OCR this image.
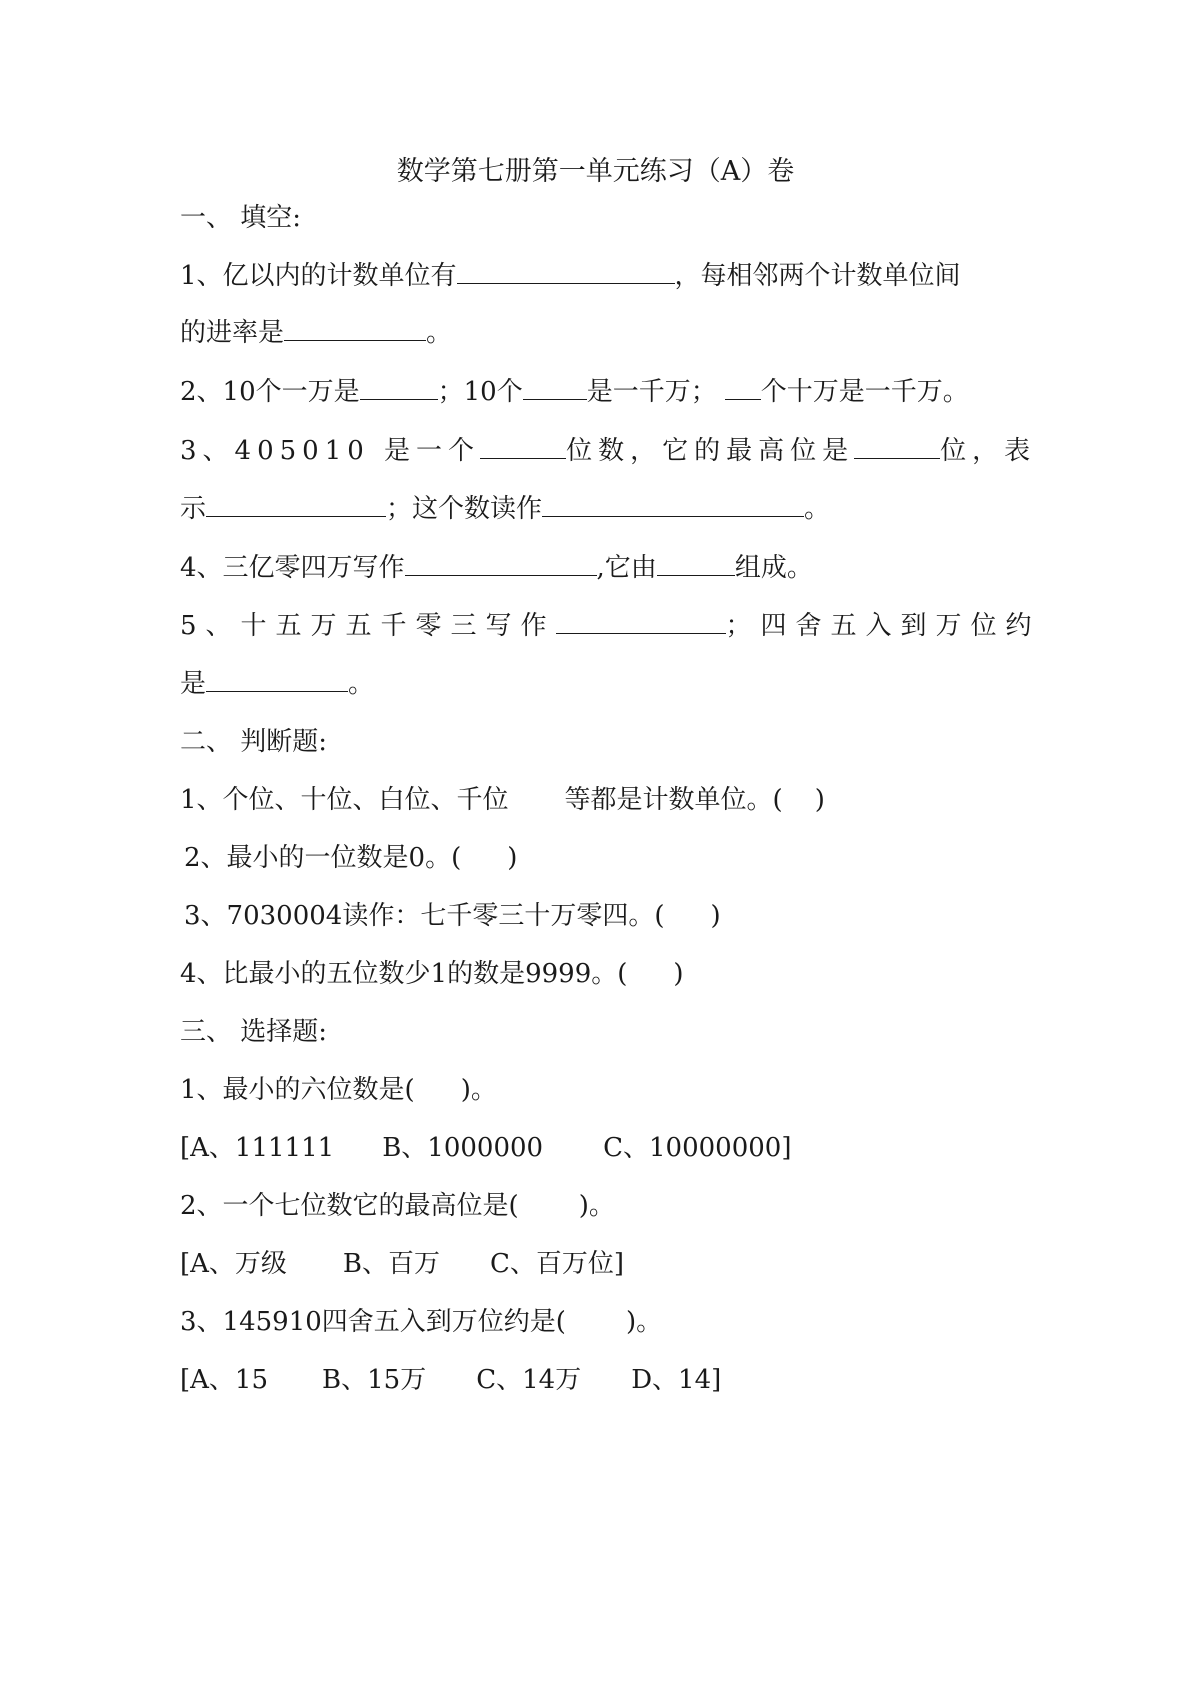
数学第七册第一单元练习（A）卷
一、 填空:
1、亿以内的计数单位有	，每相邻两个计数单位间
的进率是	。
2、10个一万是	；10个 是一千万； 个十万是一千万。
3、405010 是一个	位数，它的最高位是	位，表
示	；这个数读作	。
4、三亿零四万写作	,它由	组成。
5、十五万五千零三写作	；四舍五入到万位约
是	。
二、 判断题:
1、个位、十位、白位、千位 等都是计数单位。( )
2、最小的一位数是0。( )
3、7030004读作：七千零三十万零四。( )
4、比最小的五位数少1的数是9999。( )
三、 选择题:
1、最小的六位数是( )。
[A、111111 B、1000000 C、10000000]
2、一个七位数它的最高位是( )。
[A、万级 B、百万 C、百万位]
3、145910四舍五入到万位约是( )。
[A、15 B、15万 C、14万 D、14]
